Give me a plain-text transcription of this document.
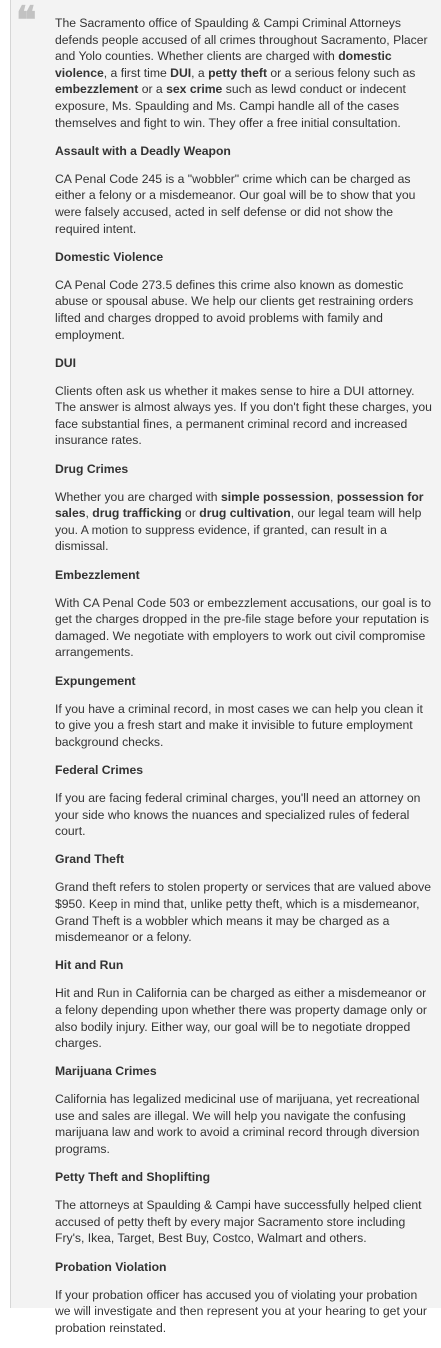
❝ The Sacramento office of Spaulding & Campi Criminal Attorneys defends people accused of all crimes throughout Sacramento, Placer and Yolo counties. Whether clients are charged with domestic violence, a first time DUI, a petty theft or a serious felony such as embezzlement or a sex crime such as lewd conduct or indecent exposure, Ms. Spaulding and Ms. Campi handle all of the cases themselves and fight to win. They offer a free initial consultation.

Assault with a Deadly Weapon

CA Penal Code 245 is a "wobbler" crime which can be charged as either a felony or a misdemeanor. Our goal will be to show that you were falsely accused, acted in self defense or did not show the required intent.

Domestic Violence

CA Penal Code 273.5 defines this crime also known as domestic abuse or spousal abuse. We help our clients get restraining orders lifted and charges dropped to avoid problems with family and employment.

DUI

Clients often ask us whether it makes sense to hire a DUI attorney. The answer is almost always yes. If you don't fight these charges, you face substantial fines, a permanent criminal record and increased insurance rates.

Drug Crimes

Whether you are charged with simple possession, possession for sales, drug trafficking or drug cultivation, our legal team will help you. A motion to suppress evidence, if granted, can result in a dismissal.

Embezzlement

With CA Penal Code 503 or embezzlement accusations, our goal is to get the charges dropped in the pre-file stage before your reputation is damaged. We negotiate with employers to work out civil compromise arrangements.

Expungement

If you have a criminal record, in most cases we can help you clean it to give you a fresh start and make it invisible to future employment background checks.

Federal Crimes

If you are facing federal criminal charges, you'll need an attorney on your side who knows the nuances and specialized rules of federal court.

Grand Theft

Grand theft refers to stolen property or services that are valued above $950. Keep in mind that, unlike petty theft, which is a misdemeanor, Grand Theft is a wobbler which means it may be charged as a misdemeanor or a felony.

Hit and Run

Hit and Run in California can be charged as either a misdemeanor or a felony depending upon whether there was property damage only or also bodily injury. Either way, our goal will be to negotiate dropped charges.

Marijuana Crimes

California has legalized medicinal use of marijuana, yet recreational use and sales are illegal. We will help you navigate the confusing marijuana law and work to avoid a criminal record through diversion programs.

Petty Theft and Shoplifting

The attorneys at Spaulding & Campi have successfully helped client accused of petty theft by every major Sacramento store including Fry's, Ikea, Target, Best Buy, Costco, Walmart and others.

Probation Violation

If your probation officer has accused you of violating your probation we will investigate and then represent you at your hearing to get your probation reinstated.
